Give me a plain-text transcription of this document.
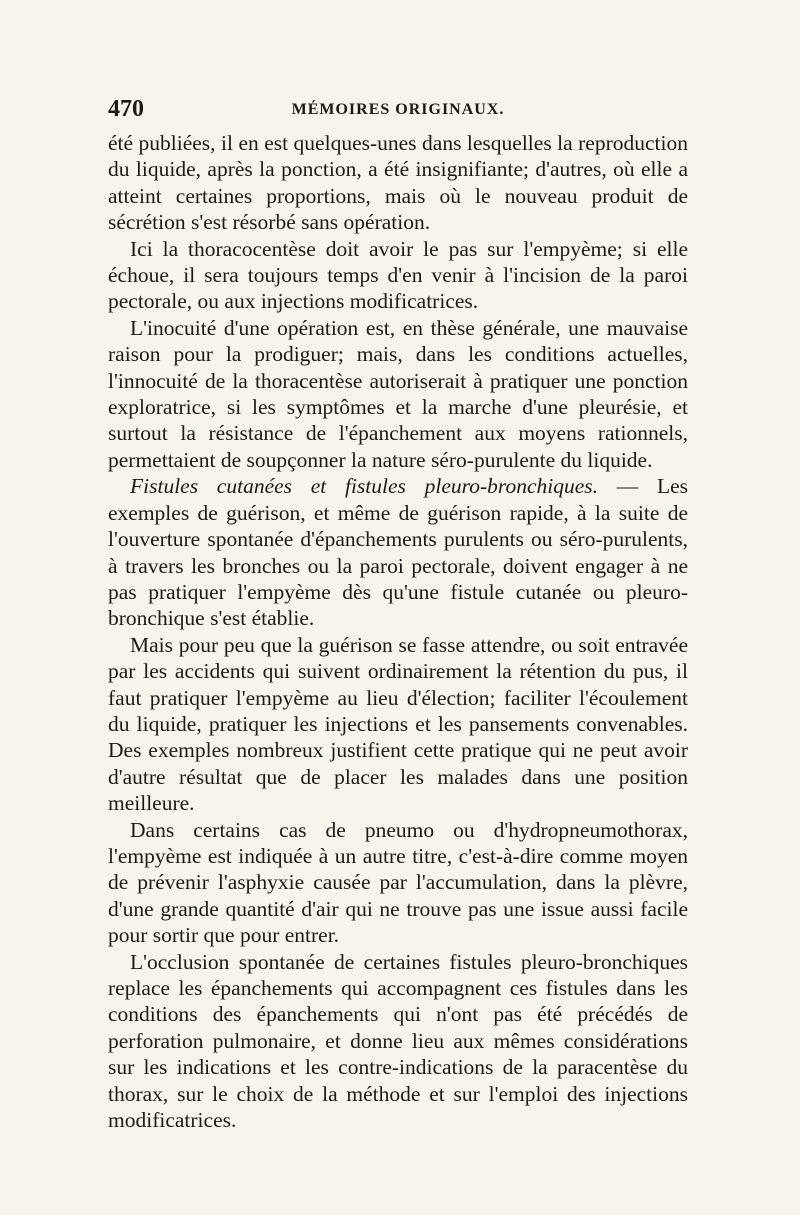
470	MÉMOIRES ORIGINAUX.

été publiées, il en est quelques-unes dans lesquelles la reproduction du liquide, après la ponction, a été insignifiante; d'autres, où elle a atteint certaines proportions, mais où le nouveau produit de sécrétion s'est résorbé sans opération.

Ici la thoracocentèse doit avoir le pas sur l'empyème; si elle échoue, il sera toujours temps d'en venir à l'incision de la paroi pectorale, ou aux injections modificatrices.

L'inocuité d'une opération est, en thèse générale, une mauvaise raison pour la prodiguer; mais, dans les conditions actuelles, l'innocuité de la thoracentèse autoriserait à pratiquer une ponction exploratrice, si les symptômes et la marche d'une pleurésie, et surtout la résistance de l'épanchement aux moyens rationnels, permettaient de soupçonner la nature séro-purulente du liquide.

Fistules cutanées et fistules pleuro-bronchiques. — Les exemples de guérison, et même de guérison rapide, à la suite de l'ouverture spontanée d'épanchements purulents ou séro-purulents, à travers les bronches ou la paroi pectorale, doivent engager à ne pas pratiquer l'empyème dès qu'une fistule cutanée ou pleuro-bronchique s'est établie.

Mais pour peu que la guérison se fasse attendre, ou soit entravée par les accidents qui suivent ordinairement la rétention du pus, il faut pratiquer l'empyème au lieu d'élection; faciliter l'écoulement du liquide, pratiquer les injections et les pansements convenables. Des exemples nombreux justifient cette pratique qui ne peut avoir d'autre résultat que de placer les malades dans une position meilleure.

Dans certains cas de pneumo ou d'hydropneumothorax, l'empyème est indiquée à un autre titre, c'est-à-dire comme moyen de prévenir l'asphyxie causée par l'accumulation, dans la plèvre, d'une grande quantité d'air qui ne trouve pas une issue aussi facile pour sortir que pour entrer.

L'occlusion spontanée de certaines fistules pleuro-bronchiques replace les épanchements qui accompagnent ces fistules dans les conditions des épanchements qui n'ont pas été précédés de perforation pulmonaire, et donne lieu aux mêmes considérations sur les indications et les contre-indications de la paracentèse du thorax, sur le choix de la méthode et sur l'emploi des injections modificatrices.
